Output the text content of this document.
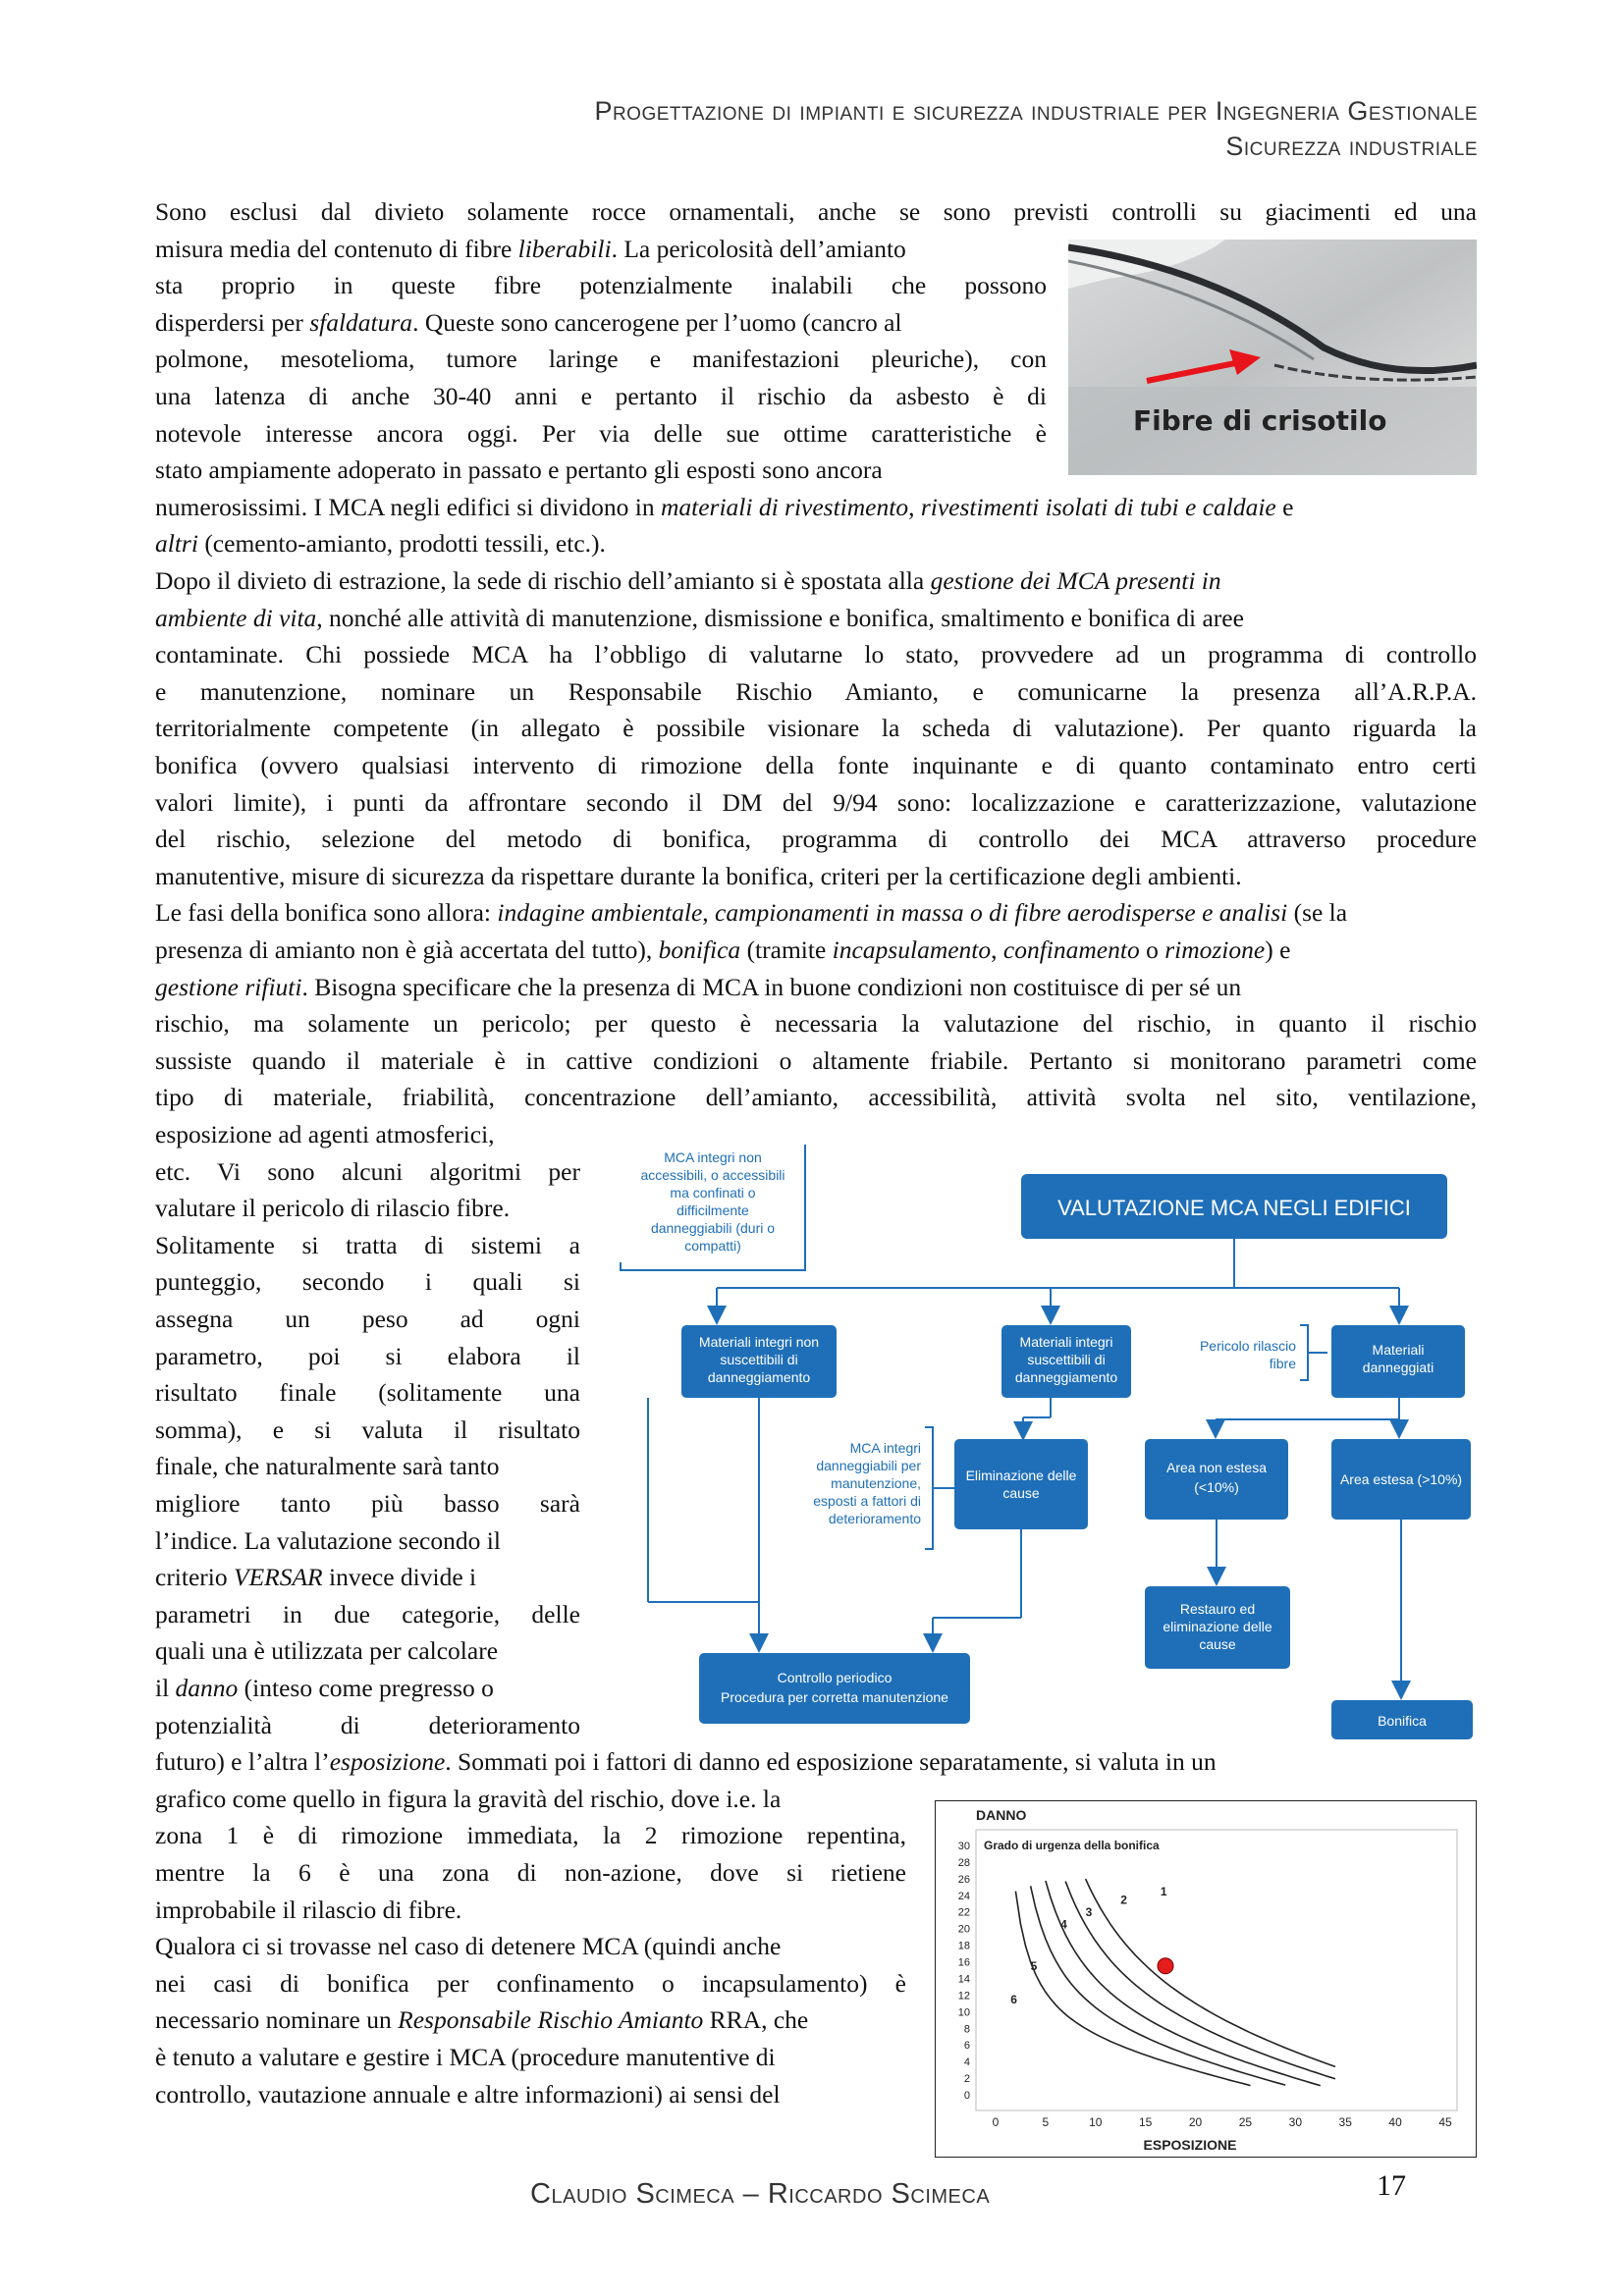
Progettazione di impianti e sicurezza industriale per Ingegneria Gestionale
Sicurezza industriale
Fibre di crisotilo
Sono esclusi dal divieto solamente rocce ornamentali, anche se sono previsti controlli su giacimenti ed una
misura media del contenuto di fibre liberabili. La pericolosità dell’amianto
sta proprio in queste fibre potenzialmente inalabili che possono
disperdersi per sfaldatura. Queste sono cancerogene per l’uomo (cancro al
polmone, mesotelioma, tumore laringe e manifestazioni pleuriche), con
una latenza di anche 30-40 anni e pertanto il rischio da asbesto è di
notevole interesse ancora oggi. Per via delle sue ottime caratteristiche è
stato ampiamente adoperato in passato e pertanto gli esposti sono ancora
numerosissimi. I MCA negli edifici si dividono in materiali di rivestimento, rivestimenti isolati di tubi e caldaie e
altri (cemento-amianto, prodotti tessili, etc.).
Dopo il divieto di estrazione, la sede di rischio dell’amianto si è spostata alla gestione dei MCA presenti in
ambiente di vita, nonché alle attività di manutenzione, dismissione e bonifica, smaltimento e bonifica di aree
contaminate. Chi possiede MCA ha l’obbligo di valutarne lo stato, provvedere ad un programma di controllo
e manutenzione, nominare un Responsabile Rischio Amianto, e comunicarne la presenza all’A.R.P.A.
territorialmente competente (in allegato è possibile visionare la scheda di valutazione). Per quanto riguarda la
bonifica (ovvero qualsiasi intervento di rimozione della fonte inquinante e di quanto contaminato entro certi
valori limite), i punti da affrontare secondo il DM del 9/94 sono: localizzazione e caratterizzazione, valutazione
del rischio, selezione del metodo di bonifica, programma di controllo dei MCA attraverso procedure
manutentive, misure di sicurezza da rispettare durante la bonifica, criteri per la certificazione degli ambienti.
Le fasi della bonifica sono allora: indagine ambientale, campionamenti in massa o di fibre aerodisperse e analisi (se la
presenza di amianto non è già accertata del tutto), bonifica (tramite incapsulamento, confinamento o rimozione) e
gestione rifiuti. Bisogna specificare che la presenza di MCA in buone condizioni non costituisce di per sé un
rischio, ma solamente un pericolo; per questo è necessaria la valutazione del rischio, in quanto il rischio
sussiste quando il materiale è in cattive condizioni o altamente friabile. Pertanto si monitorano parametri come
tipo di materiale, friabilità, concentrazione dell’amianto, accessibilità, attività svolta nel sito, ventilazione,
esposizione ad agenti atmosferici,
etc. Vi sono alcuni algoritmi per
valutare il pericolo di rilascio fibre.
Solitamente si tratta di sistemi a
punteggio, secondo i quali si
assegna un peso ad ogni
parametro, poi si elabora il
risultato finale (solitamente una
somma), e si valuta il risultato
finale, che naturalmente sarà tanto
migliore tanto più basso sarà
l’indice. La valutazione secondo il
criterio VERSAR invece divide i
parametri in due categorie, delle
quali una è utilizzata per calcolare
il danno (inteso come pregresso o
potenzialità di deterioramento
futuro) e l’altra l’esposizione. Sommati poi i fattori di danno ed esposizione separatamente, si valuta in un
grafico come quello in figura la gravità del rischio, dove i.e. la
zona 1 è di rimozione immediata, la 2 rimozione repentina,
mentre la 6 è una zona di non-azione, dove si rietiene
improbabile il rilascio di fibre.
Qualora ci si trovasse nel caso di detenere MCA (quindi anche
nei casi di bonifica per confinamento o incapsulamento) è
necessario nominare un Responsabile Rischio Amianto RRA, che
è tenuto a valutare e gestire i MCA (procedure manutentive di
controllo, vautazione annuale e altre informazioni) ai sensi del
VALUTAZIONE MCA NEGLI EDIFICI
MCA integri non
accessibili, o accessibili
ma confinati o
difficilmente
danneggiabili (duri o
compatti)
Materiali integri non
suscettibili di
danneggiamento
Materiali integri
suscettibili di
danneggiamento
Pericolo rilascio
fibre
Materiali
danneggiati
MCA integri
danneggiabili per
manutenzione,
esposti a fattori di
deterioramento
Eliminazione delle
cause
Area non estesa
(<10%)	Area estesa (>10%)
Restauro ed
eliminazione delle
cause
Controllo periodico
Procedura per corretta manutenzione
Bonifica
DANNO
ESPOSIZIONE
Grado di urgenza della bonifica
0
2
4
6
8
10
12
14
16
18
20
22
24
26
28
30
0	5	10	15	20	25	30	35	40	45
1
2
3
4
5
6
Claudio Scimeca – Riccardo Scimeca	17
